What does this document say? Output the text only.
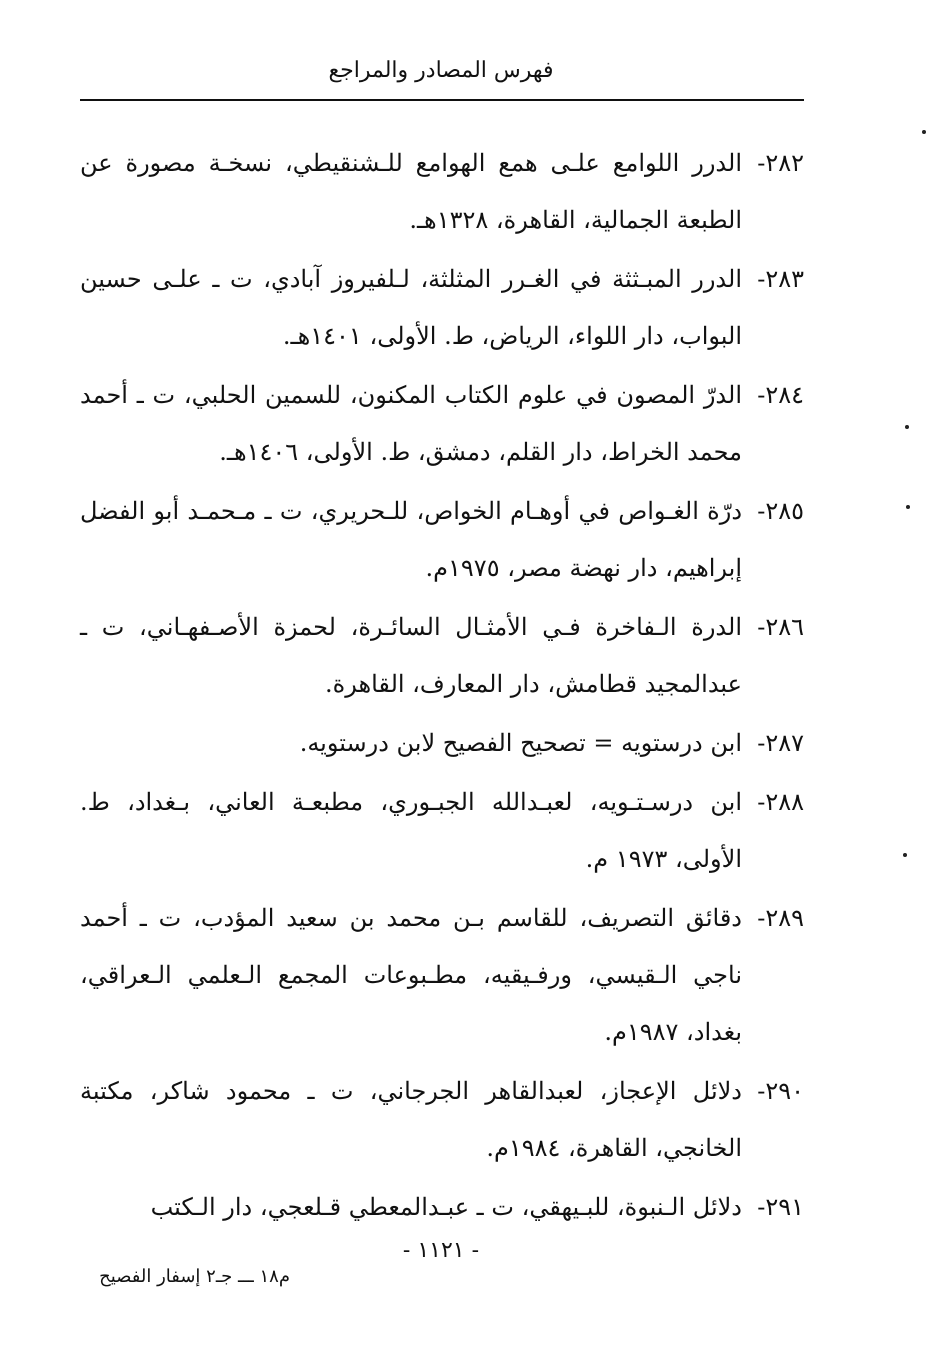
فهرس المصادر والمراجع
٢٨٢-
الدرر اللوامع علـى همع الهوامع للـشنقيطي، نسخـة مصورة عن الطبعة الجمالية، القاهرة، ١٣٢٨هـ.
٢٨٣-
الدرر المبـثثة في الغـرر المثلثة، لـلفيروز آبادي، ت ـ علـى حسين البواب، دار اللواء، الرياض، ط. الأولى، ١٤٠١هـ.
٢٨٤-
الدرّ المصون في علوم الكتاب المكنون، للسمين الحلبي، ت ـ أحمد محمد الخراط، دار القلم، دمشق، ط. الأولى، ١٤٠٦هـ.
٢٨٥-
درّة الغـواص في أوهـام الخواص، للـحريري، ت ـ مـحمـد أبو الفضل إبراهيم، دار نهضة مصر، ١٩٧٥م.
٢٨٦-
الدرة الـفاخرة فـي الأمثـال السائـرة، لحمزة الأصـفهـاني، ت ـ عبدالمجيد قطامش، دار المعارف، القاهرة.
٢٨٧-
ابن درستويه = تصحيح الفصيح لابن درستويه.
٢٨٨-
ابن درسـتـويه، لعبـدالله الجبـوري، مطبعـة العاني، بـغداد، ط. الأولى، ١٩٧٣ م.
٢٨٩-
دقائق التصريف، للقاسم بـن محمد بن سعيد المؤدب، ت ـ أحمد ناجي الـقيسي، ورفـيقيه، مطـبوعات المجمع الـعلمي الـعراقي، بغداد، ١٩٨٧م.
٢٩٠-
دلائل الإعجاز، لعبدالقاهر الجرجاني، ت ـ محمود شاكر، مكتبة الخانجي، القاهرة، ١٩٨٤م.
٢٩١-
دلائل الـنبوة، للبـيهقي، ت ـ عبـدالمعطي قـلعجي، دار الـكتب
- ١١٢١ -
م١٨ ـــ جـ٢ إسفار الفصيح
